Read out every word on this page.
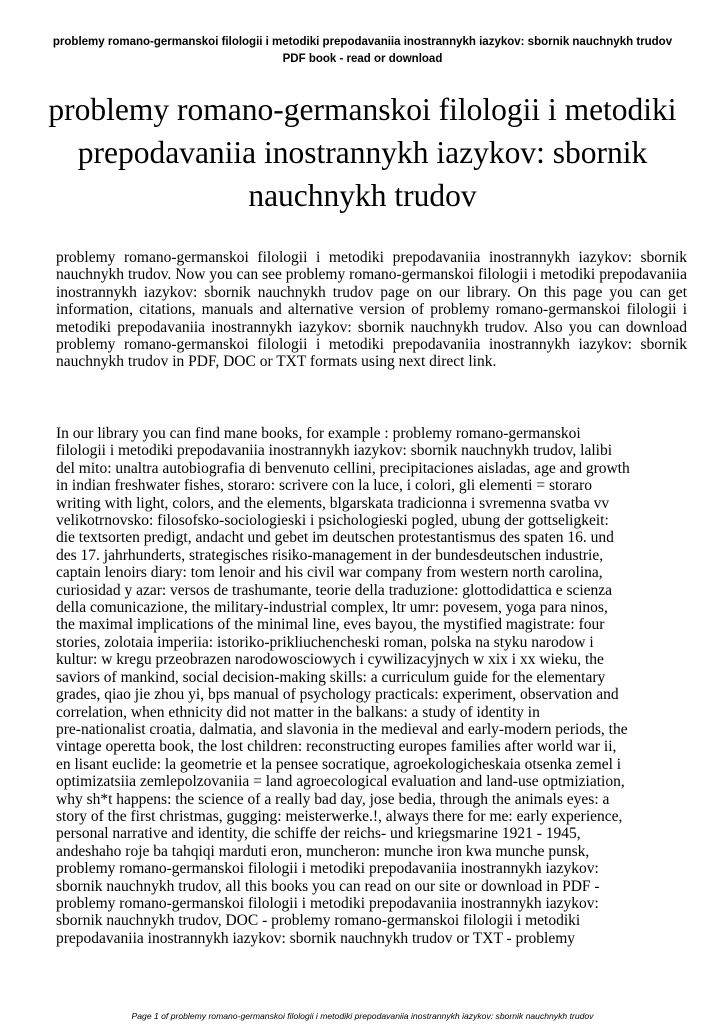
problemy romano-germanskoi filologii i metodiki prepodavaniia inostrannykh iazykov: sbornik nauchnykh trudov PDF book - read or download
problemy romano-germanskoi filologii i metodiki prepodavaniia inostrannykh iazykov: sbornik nauchnykh trudov

problemy romano-germanskoi filologii i metodiki prepodavaniia inostrannykh iazykov: sbornik nauchnykh trudov. Now you can see problemy romano-germanskoi filologii i metodiki prepodavaniia inostrannykh iazykov: sbornik nauchnykh trudov page on our library. On this page you can get information, citations, manuals and alternative version of problemy romano-germanskoi filologii i metodiki prepodavaniia inostrannykh iazykov: sbornik nauchnykh trudov. Also you can download problemy romano-germanskoi filologii i metodiki prepodavaniia inostrannykh iazykov: sbornik nauchnykh trudov in PDF, DOC or TXT formats using next direct link.

In our library you can find mane books, for example : problemy romano-germanskoi
filologii i metodiki prepodavaniia inostrannykh iazykov: sbornik nauchnykh trudov, lalibi
del mito: unaltra autobiografia di benvenuto cellini, precipitaciones aisladas, age and growth
in indian freshwater fishes, storaro: scrivere con la luce, i colori, gli elementi = storaro
writing with light, colors, and the elements, blgarskata tradicionna i svremenna svatba vv
velikotrnovsko: filosofsko-sociologieski i psichologieski pogled, ubung der gottseligkeit:
die textsorten predigt, andacht und gebet im deutschen protestantismus des spaten 16. und
des 17. jahrhunderts, strategisches risiko-management in der bundesdeutschen industrie,
captain lenoirs diary: tom lenoir and his civil war company from western north carolina,
curiosidad y azar: versos de trashumante, teorie della traduzione: glottodidattica e scienza
della comunicazione, the military-industrial complex, ltr umr: povesem, yoga para ninos,
the maximal implications of the minimal line, eves bayou, the mystified magistrate: four
stories, zolotaia imperiia: istoriko-prikliuchencheski roman, polska na styku narodow i
kultur: w kregu przeobrazen narodowosciowych i cywilizacyjnych w xix i xx wieku, the
saviors of mankind, social decision-making skills: a curriculum guide for the elementary
grades, qiao jie zhou yi, bps manual of psychology practicals: experiment, observation and
correlation, when ethnicity did not matter in the balkans: a study of identity in
pre-nationalist croatia, dalmatia, and slavonia in the medieval and early-modern periods, the
vintage operetta book, the lost children: reconstructing europes families after world war ii,
en lisant euclide: la geometrie et la pensee socratique, agroekologicheskaia otsenka zemel i
optimizatsiia zemlepolzovaniia = land agroecological evaluation and land-use optmiziation,
why sh*t happens: the science of a really bad day, jose bedia, through the animals eyes: a
story of the first christmas, gugging: meisterwerke.!, always there for me: early experience,
personal narrative and identity, die schiffe der reichs- und kriegsmarine 1921 - 1945,
andeshaho roje ba tahqiqi marduti eron, muncheron: munche iron kwa munche punsk,
problemy romano-germanskoi filologii i metodiki prepodavaniia inostrannykh iazykov:
sbornik nauchnykh trudov, all this books you can read on our site or download in PDF -
problemy romano-germanskoi filologii i metodiki prepodavaniia inostrannykh iazykov:
sbornik nauchnykh trudov, DOC - problemy romano-germanskoi filologii i metodiki
prepodavaniia inostrannykh iazykov: sbornik nauchnykh trudov or TXT - problemy
Page 1 of problemy romano-germanskoi filologii i metodiki prepodavaniia inostrannykh iazykov: sbornik nauchnykh trudov
